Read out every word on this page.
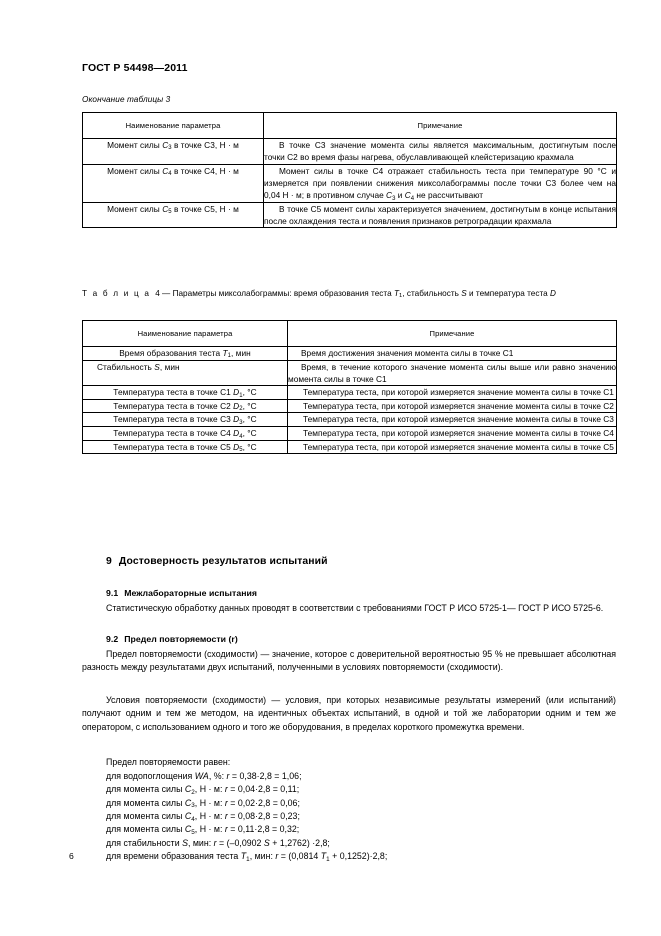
ГОСТ Р 54498—2011
Окончание таблицы 3
Наименование параметра	Примечание
Момент силы $C_3$ в точке C3, Н · м	В точке С3 значение момента силы является максимальным, достигнутым после точки С2 во время фазы нагрева, обуславливающей клейстеризацию крахмала
Момент силы $C_4$ в точке C4, Н · м	Момент силы в точке С4 отражает стабильность теста при температуре 90 °С и измеряется при появлении снижения миксолабограммы после точки С3 более чем на 0,04 Н · м; в противном случае $C_3$ и $C_4$ не рассчитывают
Момент силы $C_5$ в точке C5, Н · м	В точке С5 момент силы характеризуется значением, достигнутым в конце испытания после охлаждения теста и появления признаков ретроградации крахмала
Т а б л и ц а 4 — Параметры миксолабограммы: время образования теста $T_1$, стабильность S и температура теста D
Наименование параметра	Примечание
Время образования теста $T_1$, мин	Время достижения значения момента силы в точке С1
Стабильность S, мин	Время, в течение которого значение момента силы выше или равно значению момента силы в точке С1
Температура теста в точке C1 $D_1$, °С	Температура теста, при которой измеряется значение момента силы в точке С1
Температура теста в точке C2 $D_2$, °С	Температура теста, при которой измеряется значение момента силы в точке С2
Температура теста в точке C3 $D_3$, °С	Температура теста, при которой измеряется значение момента силы в точке С3
Температура теста в точке C4 $D_4$, °С	Температура теста, при которой измеряется значение момента силы в точке С4
Температура теста в точке C5 $D_5$, °С	Температура теста, при которой измеряется значение момента силы в точке С5
9 Достоверность результатов испытаний
9.1 Межлабораторные испытания
Статистическую обработку данных проводят в соответствии с требованиями ГОСТ Р ИСО 5725-1— ГОСТ Р ИСО 5725-6.
9.2 Предел повторяемости (r)
Предел повторяемости (сходимости) — значение, которое с доверительной вероятностью 95 % не превышает абсолютная разность между результатами двух испытаний, полученными в условиях повторяемости (сходимости).
Условия повторяемости (сходимости) — условия, при которых независимые результаты измерений (или испытаний) получают одним и тем же методом, на идентичных объектах испытаний, в одной и той же лаборатории одним и тем же оператором, с использованием одного и того же оборудования, в пределах короткого промежутка времени.
Предел повторяемости равен:
для водопоглощения WA, %: r = 0,38·2,8 = 1,06;
для момента силы $C_2$, Н · м: r = 0,04·2,8 = 0,11;
для момента силы $C_3$, Н · м: r = 0,02·2,8 = 0,06;
для момента силы $C_4$, Н · м: r = 0,08·2,8 = 0,23;
для момента силы $C_5$, Н · м: r = 0,11·2,8 = 0,32;
для стабильности S, мин: r = (–0,0902 S + 1,2762) ·2,8;
для времени образования теста $T_1$, мин: r = (0,0814 $T_1 + 0,1252)\cdot 2,8$;
6
